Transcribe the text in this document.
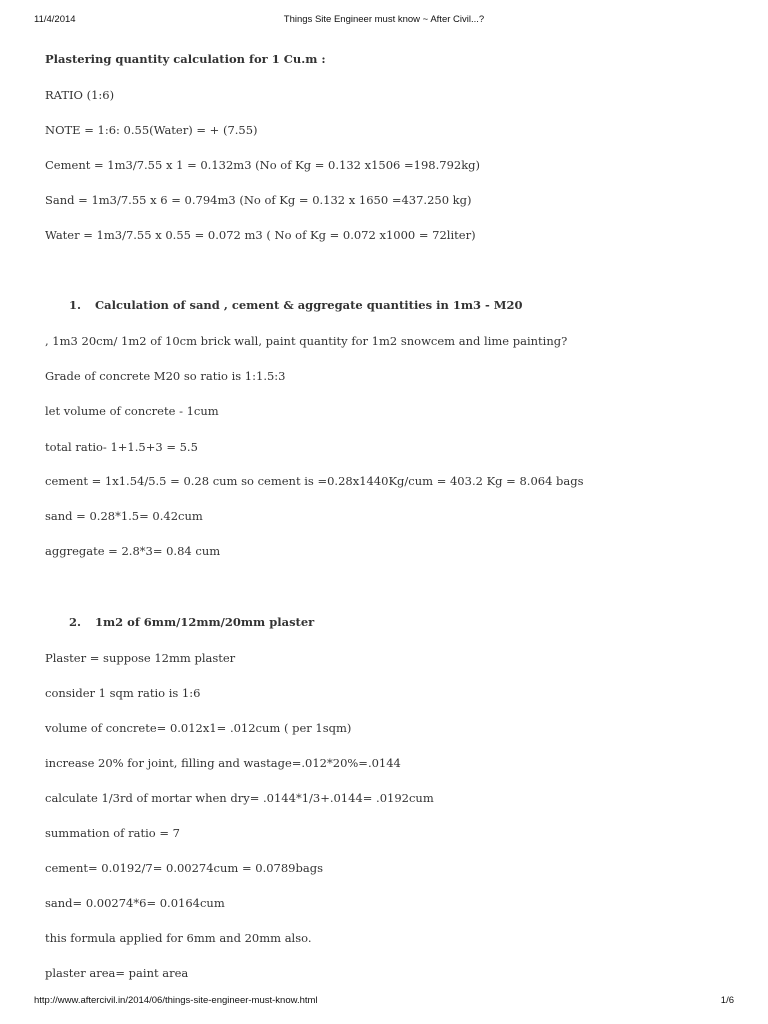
11/4/2014	Things Site Engineer must know ~ After Civil...?
Plastering quantity calculation for 1 Cu.m :
RATIO (1:6)
NOTE = 1:6: 0.55(Water) = + (7.55)
Cement = 1m3/7.55 x 1 = 0.132m3 (No of Kg = 0.132 x1506 =198.792kg)
Sand = 1m3/7.55 x 6 = 0.794m3 (No of Kg = 0.132 x 1650 =437.250 kg)
Water = 1m3/7.55 x 0.55 = 0.072 m3 ( No of Kg = 0.072 x1000 = 72liter)
1. Calculation of sand , cement & aggregate quantities in 1m3 - M20
, 1m3 20cm/ 1m2 of 10cm brick wall, paint quantity for 1m2 snowcem and lime painting?
Grade of concrete M20 so ratio is 1:1.5:3
let volume of concrete - 1cum
total ratio- 1+1.5+3 = 5.5
cement = 1x1.54/5.5 = 0.28 cum so cement is =0.28x1440Kg/cum = 403.2 Kg = 8.064 bags
sand = 0.28*1.5= 0.42cum
aggregate = 2.8*3= 0.84 cum
2. 1m2 of 6mm/12mm/20mm plaster
Plaster = suppose 12mm plaster
consider 1 sqm ratio is 1:6
volume of concrete= 0.012x1= .012cum ( per 1sqm)
increase 20% for joint, filling and wastage=.012*20%=.0144
calculate 1/3rd of mortar when dry= .0144*1/3+.0144= .0192cum
summation of ratio = 7
cement= 0.0192/7= 0.00274cum = 0.0789bags
sand= 0.00274*6= 0.0164cum
this formula applied for 6mm and 20mm also.
plaster area= paint area
http://www.aftercivil.in/2014/06/things-site-engineer-must-know.html	1/6
